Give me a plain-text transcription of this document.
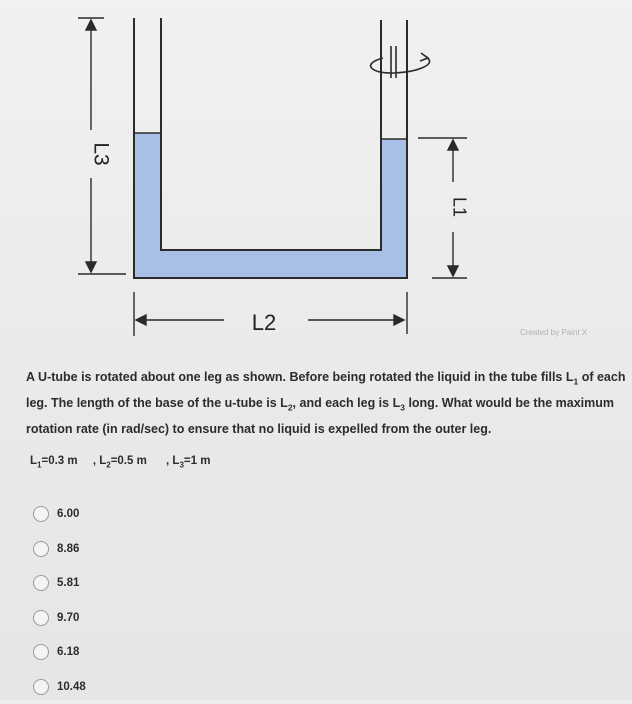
L3
L1
L2	Created by Paint X

A U-tube is rotated about one leg as shown. Before being rotated the liquid in the tube fills $L_1$ of each leg. The length of the base of the u-tube is $L_2$, and each leg is $L_3$ long. What would be the maximum rotation rate (in rad/sec) to ensure that no liquid is expelled from the outer leg.

$L_1=0.3$ m , $L_2=0.5$ m , $L_3=1$ m
6.00
8.86
5.81
9.70
6.18
10.48
